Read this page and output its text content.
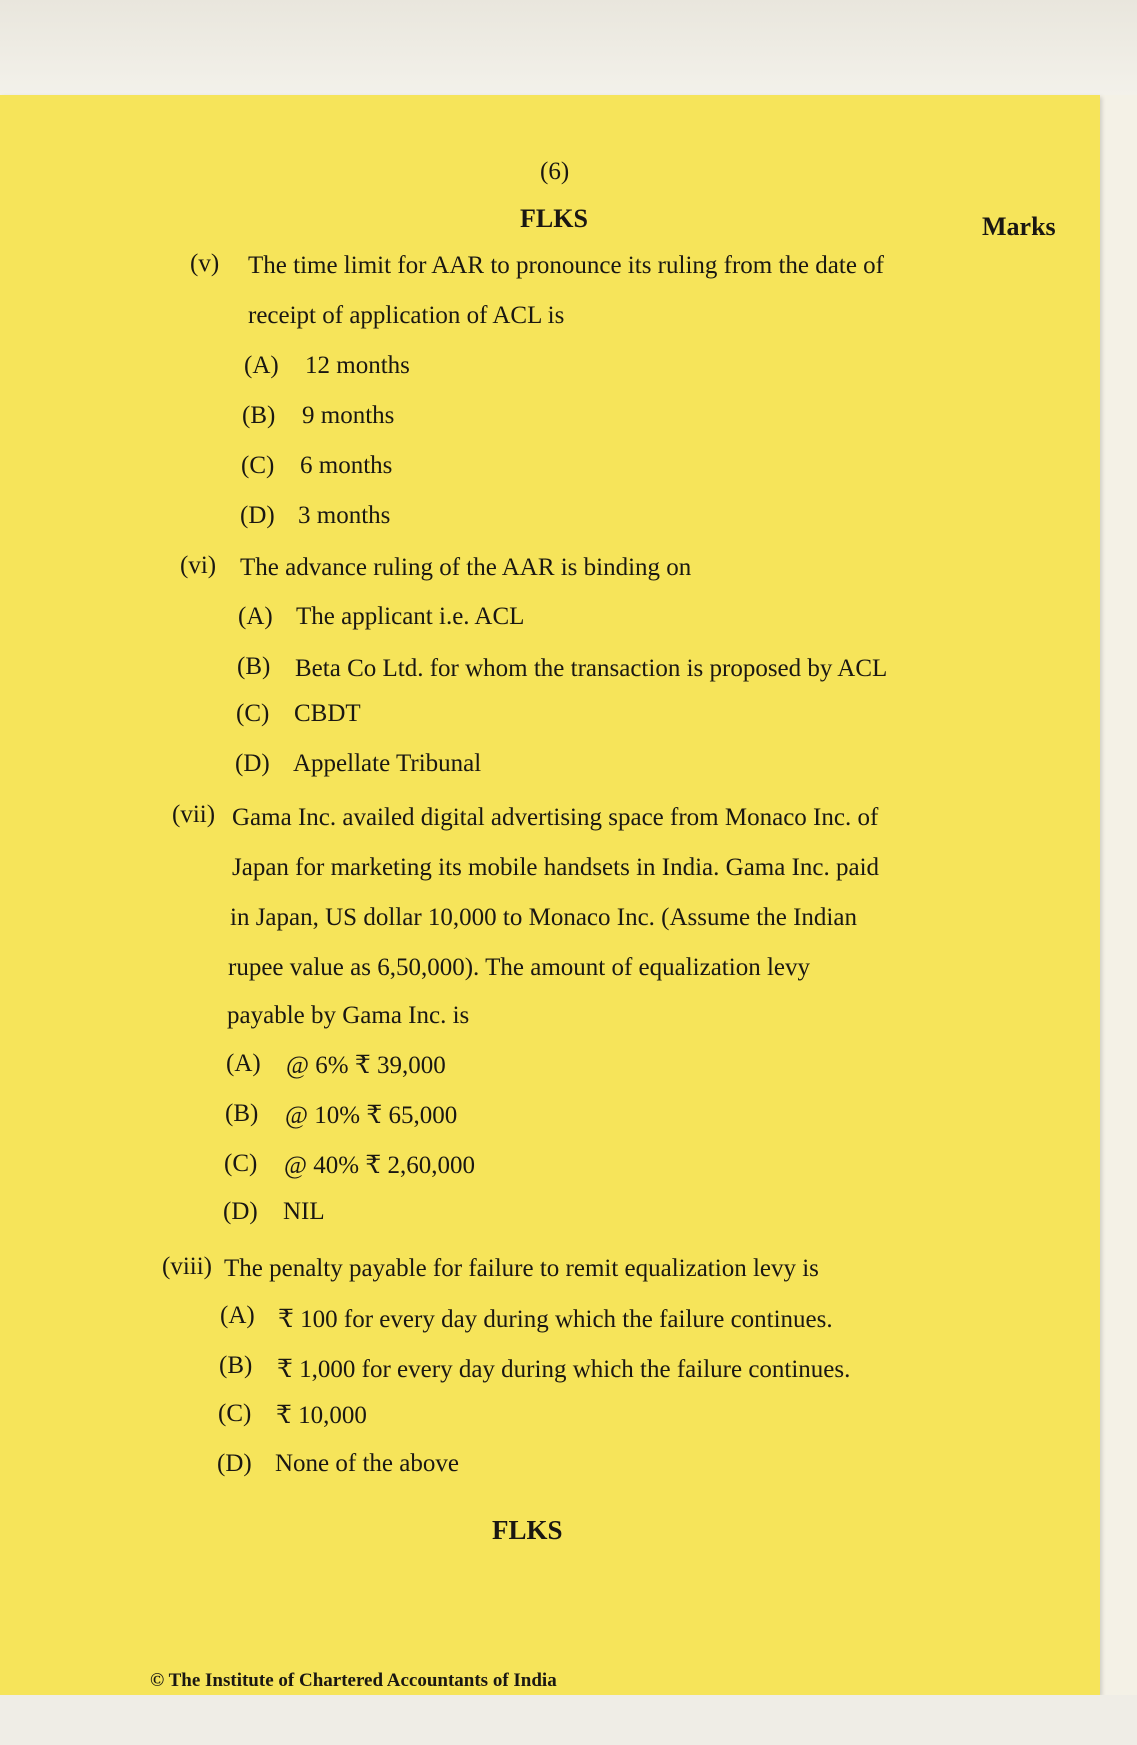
(6)
FLKS	Marks
(v) The time limit for AAR to pronounce its ruling from the date of
receipt of application of ACL is
(A) 12 months
(B) 9 months
(C) 6 months
(D) 3 months
(vi) The advance ruling of the AAR is binding on
(A) The applicant i.e. ACL
(B) Beta Co Ltd. for whom the transaction is proposed by ACL
(C) CBDT
(D) Appellate Tribunal
(vii) Gama Inc. availed digital advertising space from Monaco Inc. of
Japan for marketing its mobile handsets in India. Gama Inc. paid
in Japan, US dollar 10,000 to Monaco Inc. (Assume the Indian
rupee value as 6,50,000). The amount of equalization levy
payable by Gama Inc. is
(A) @ 6% ₹ 39,000
(B) @ 10% ₹ 65,000
(C) @ 40% ₹ 2,60,000
(D) NIL
(viii) The penalty payable for failure to remit equalization levy is
(A) ₹ 100 for every day during which the failure continues.
(B) ₹ 1,000 for every day during which the failure continues.
(C) ₹ 10,000
(D) None of the above
FLKS
© The Institute of Chartered Accountants of India
